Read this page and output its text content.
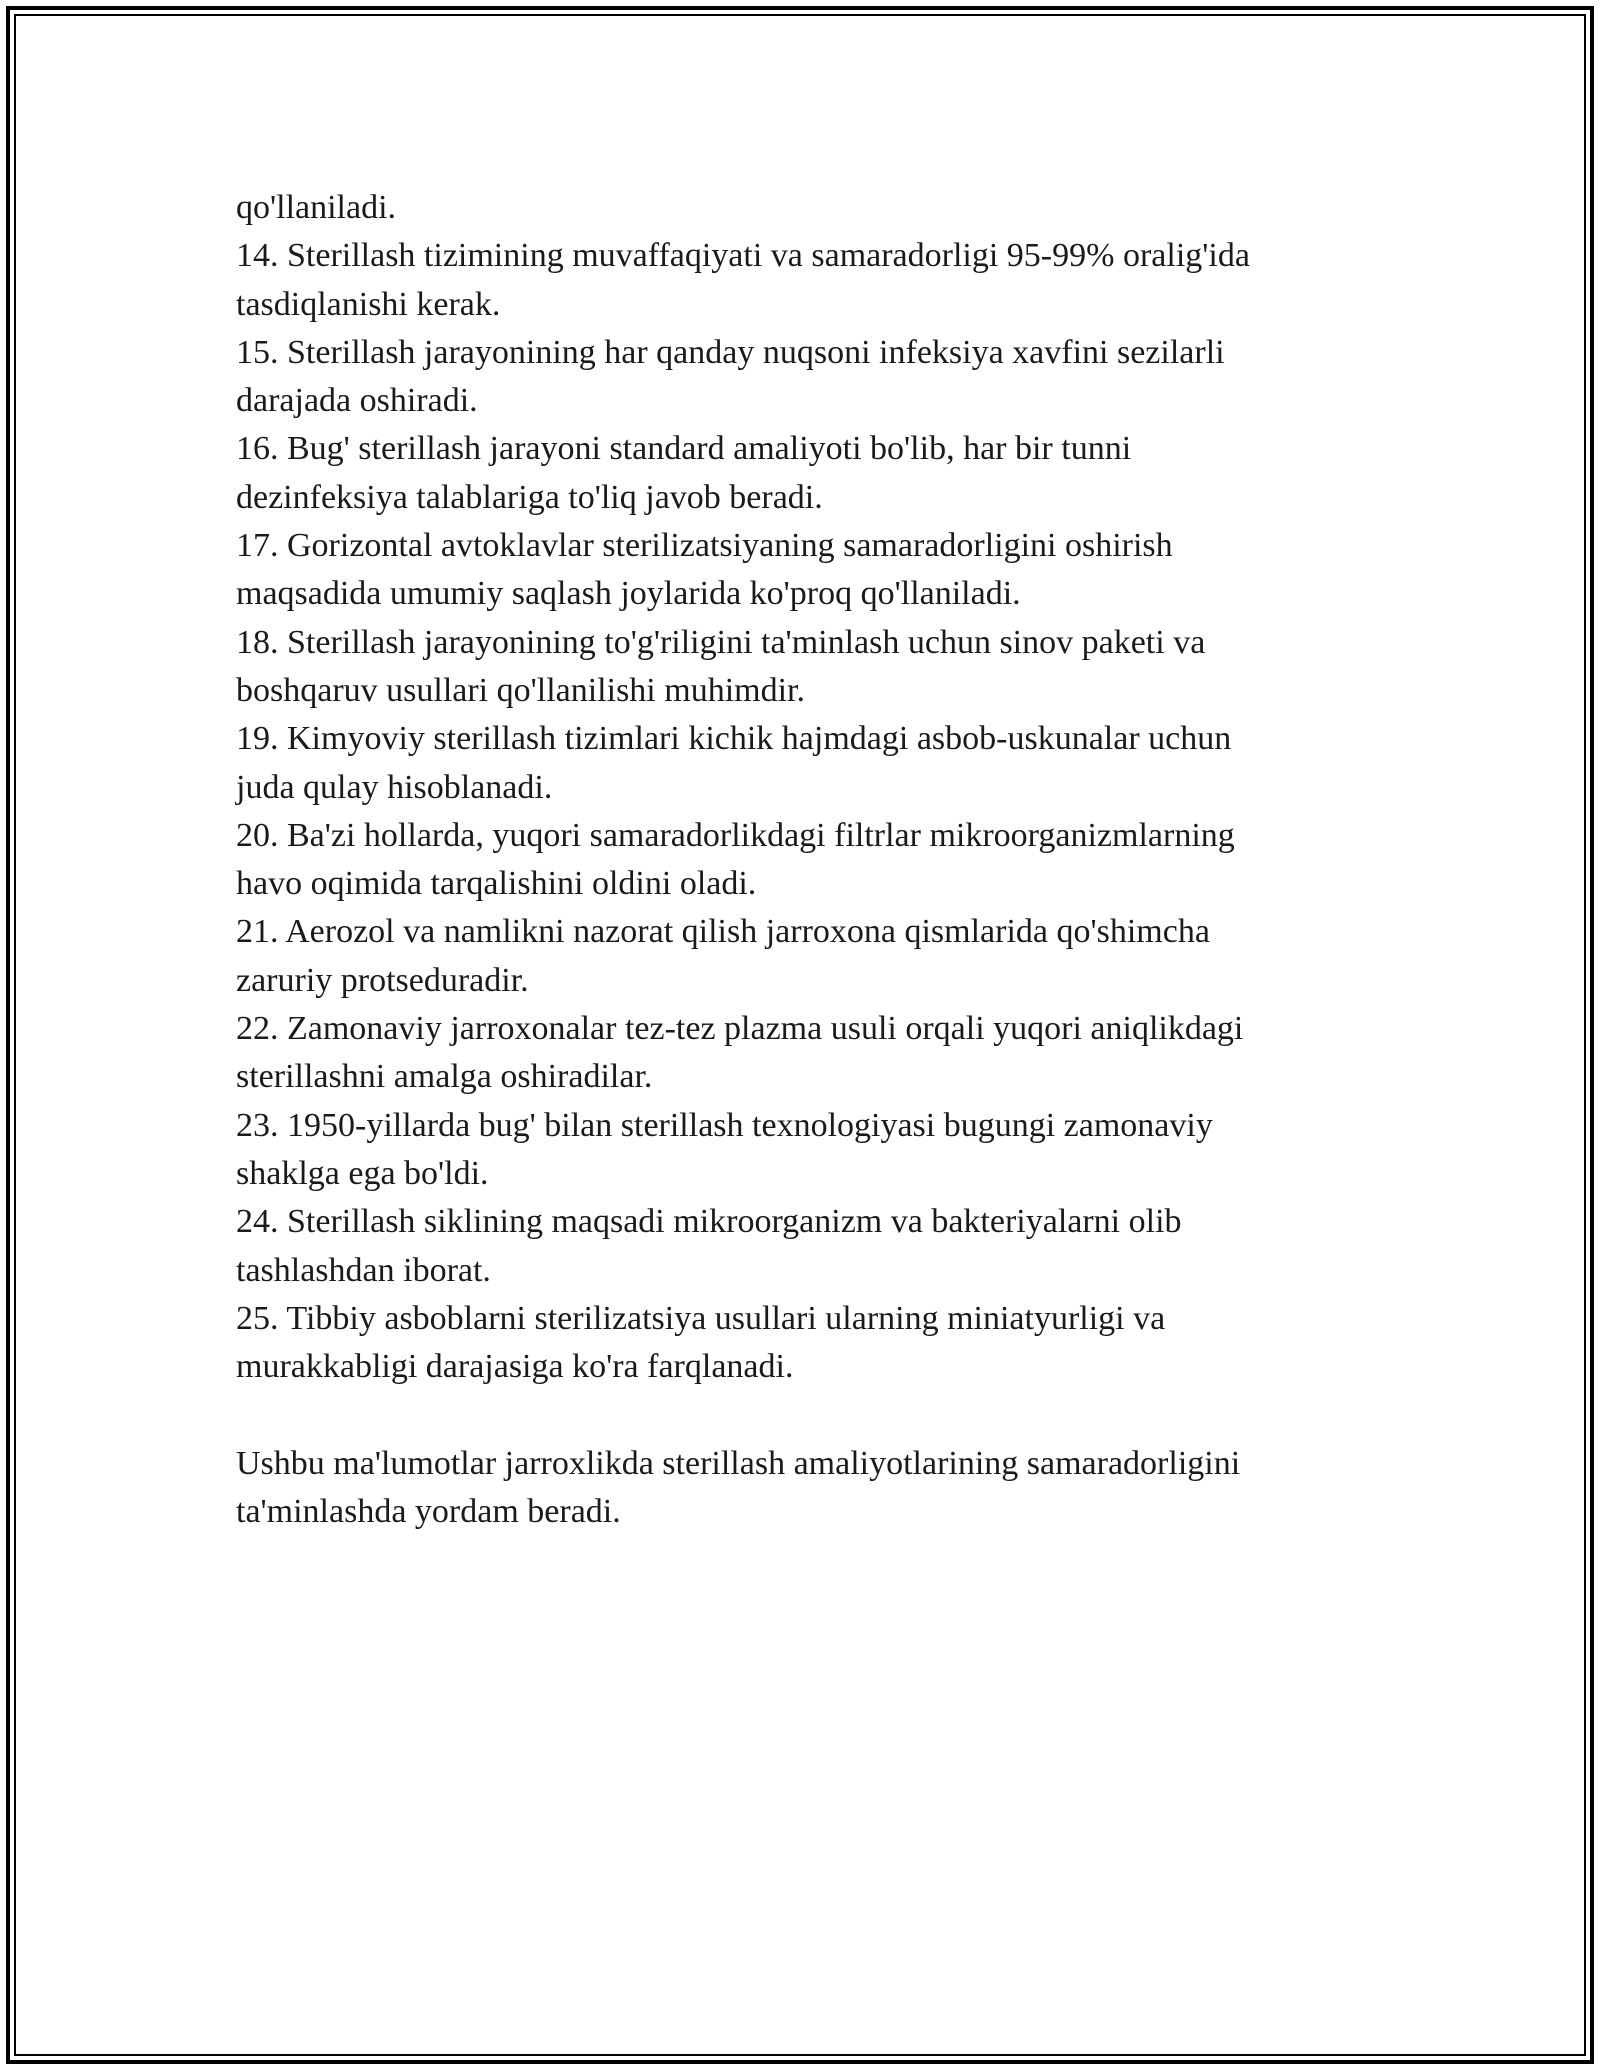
qo'llaniladi.

14. Sterillash tizimining muvaffaqiyati va samaradorligi 95-99% oralig'ida

tasdiqlanishi kerak.

15. Sterillash jarayonining har qanday nuqsoni infeksiya xavfini sezilarli

darajada oshiradi.

16. Bug' sterillash jarayoni standard amaliyoti bo'lib, har bir tunni

dezinfeksiya talablariga to'liq javob beradi.

17. Gorizontal avtoklavlar sterilizatsiyaning samaradorligini oshirish

maqsadida umumiy saqlash joylarida ko'proq qo'llaniladi.

18. Sterillash jarayonining to'g'riligini ta'minlash uchun sinov paketi va

boshqaruv usullari qo'llanilishi muhimdir.

19. Kimyoviy sterillash tizimlari kichik hajmdagi asbob-uskunalar uchun

juda qulay hisoblanadi.

20. Ba'zi hollarda, yuqori samaradorlikdagi filtrlar mikroorganizmlarning

havo oqimida tarqalishini oldini oladi.

21. Aerozol va namlikni nazorat qilish jarroxona qismlarida qo'shimcha

zaruriy protseduradir.

22. Zamonaviy jarroxonalar tez-tez plazma usuli orqali yuqori aniqlikdagi

sterillashni amalga oshiradilar.

23. 1950-yillarda bug' bilan sterillash texnologiyasi bugungi zamonaviy

shaklga ega bo'ldi.

24. Sterillash siklining maqsadi mikroorganizm va bakteriyalarni olib

tashlashdan iborat.

25. Tibbiy asboblarni sterilizatsiya usullari ularning miniatyurligi va

murakkabligi darajasiga ko'ra farqlanadi.

Ushbu ma'lumotlar jarroxlikda sterillash amaliyotlarining samaradorligini

ta'minlashda yordam beradi.
